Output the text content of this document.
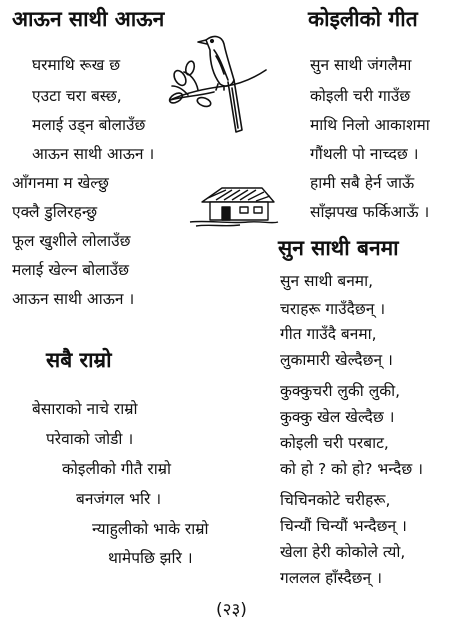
आऊन साथी आऊन
घरमाथि रूख छ
एउटा चरा बस्छ,
मलाई उड्न बोलाउँछ
आऊन साथी आऊन ।
आँगनमा म खेल्छु
एक्लै डुलिरहन्छु
फूल खुशीले लोलाउँछ
मलाई खेल्न बोलाउँछ
आऊन साथी आऊन ।
कोइलीको गीत
सुन साथी जंगलैमा
कोइली चरी गाउँछ
माथि निलो आकाशमा
गौंथली पो नाच्दछ ।
हामी सबै हेर्न जाऊँ
साँझपख फर्किआऊँ ।
सुन साथी बनमा
सुन साथी बनमा,
चराहरू गाउँदैछन् ।
गीत गाउँदै बनमा,
लुकामारी खेल्दैछन् ।
कुक्कुचरी लुकी लुकी,
कुक्कु खेल खेल्दैछ ।
कोइली चरी परबाट,
को हो ? को हो? भन्दैछ ।
चिचिनकोटे चरीहरू,
चिन्यौं चिन्यौं भन्दैछन् ।
खेला हेरी कोकोले त्यो,
गललल हाँस्दैछन् ।
सबै राम्रो
बेसाराको नाचे राम्रो
परेवाको जोडी ।
कोइलीको गीतै राम्रो
बनजंगल भरि ।
न्याहुलीको भाके राम्रो
थामेपछि झरि ।
(२३)
